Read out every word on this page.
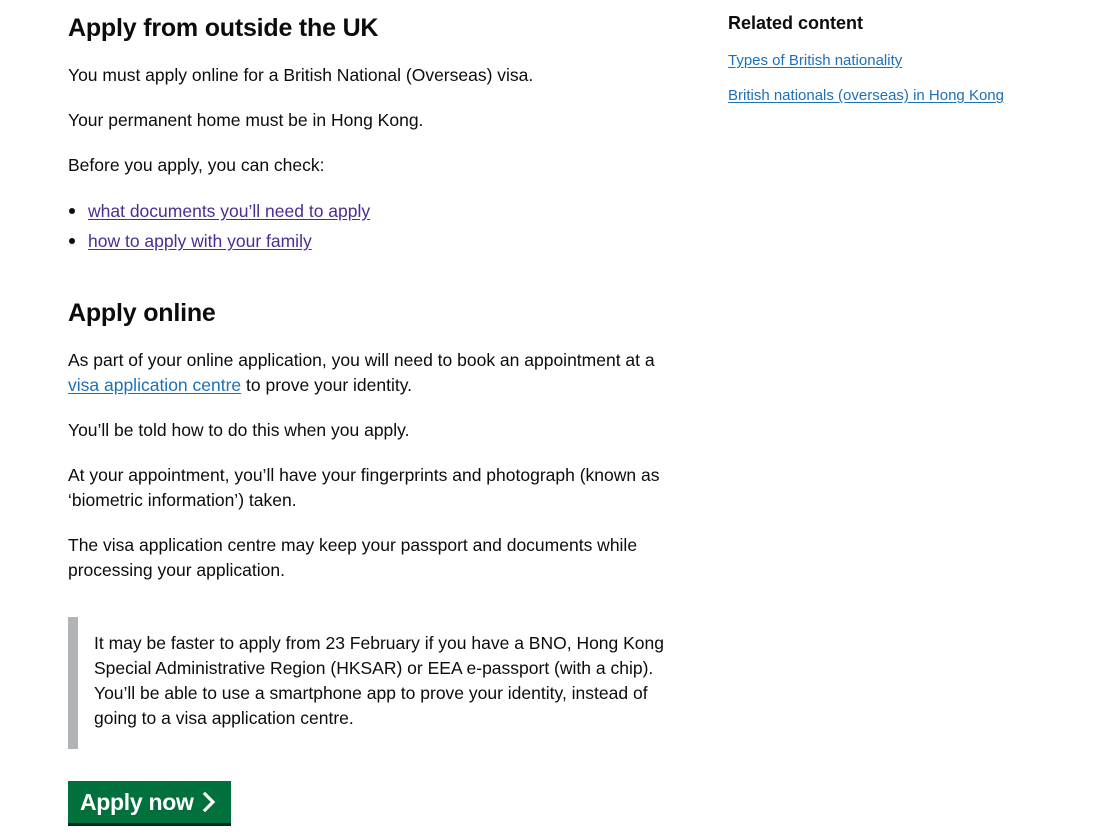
Apply from outside the UK

You must apply online for a British National (Overseas) visa.

Your permanent home must be in Hong Kong.

Before you apply, you can check:

what documents you’ll need to apply
how to apply with your family
Apply online

As part of your online application, you will need to book an appointment at a

visa application centre to prove your identity.

You’ll be told how to do this when you apply.

At your appointment, you’ll have your fingerprints and photograph (known as

‘biometric information’) taken.

The visa application centre may keep your passport and documents while

processing your application.

It may be faster to apply from 23 February if you have a BNO, Hong Kong

Special Administrative Region (HKSAR) or EEA e-passport (with a chip).

You’ll be able to use a smartphone app to prove your identity, instead of

going to a visa application centre.

Apply now
Related content
Types of British nationality
British nationals (overseas) in Hong Kong
